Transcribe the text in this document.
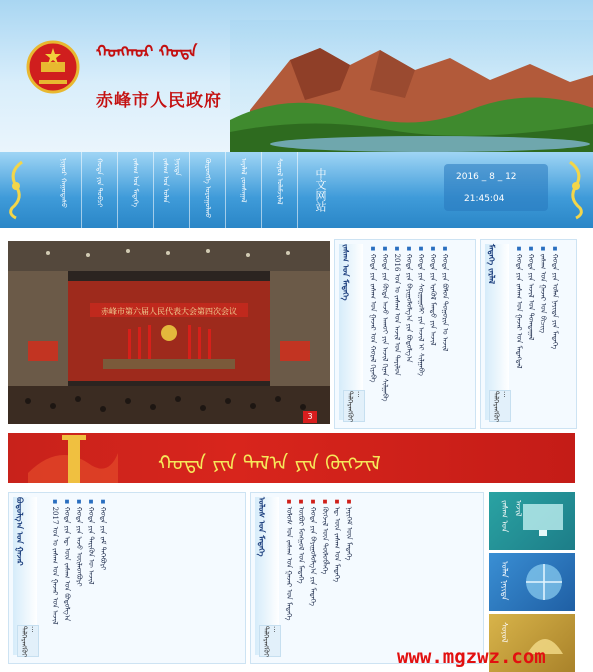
ᠬᠣᠩᠬᠣᠷ ᠬᠣᠲᠠ
赤峰市人民政府
ᠨᠢᠭᠤᠷ ᠬᠠᠭᠤᠳᠠᠰᠤ	ᠬᠣᠲᠠ ᠶᠢᠨ ᠲᠣᠪᠴᠢ	ᠵᠠᠰᠠᠭ ᠤᠨ ᠮᠡᠳᠡᠭᠡ	ᠵᠠᠰᠠᠭ ᠤᠨ ᠣᠯᠠᠨ ᠨᠡᠶᠢᠲᠡ	ᠬᠥᠷᠥᠩᠭᠡ ᠣᠷᠣᠭᠤᠯᠬᠤ	ᠠᠶᠠᠯᠠᠯ ᠵᠣᠭᠰᠠᠭᠠᠯ	ᠰᠣᠶᠣᠯ ᠤᠯᠠᠮᠵᠢᠯᠠᠯ	中文网站	2016 _ 8 _ 12
21:45:04
赤峰市第六届人民代表大会第四次会议
3
ᠵᠠᠰᠠᠭ ᠤᠨ ᠮᠡᠳᠡᠭᠡ	■ ᠬᠣᠲᠠ ᠶᠢᠨ ᠵᠠᠰᠠᠭ ᠤᠨ ᠭᠠᠵᠠᠷ ᠤᠨ ᠬᠤᠷᠠᠯ ᠬᠢᠶᠡᠪᠡ ■ ᠬᠣᠲᠠ ᠶᠢᠨ ᠬᠥᠳᠡ ᠠᠵᠤ ᠠᠬᠤᠢ ᠶᠢᠨ ᠠᠵᠢᠯ ᠬᠢᠨᠠᠨ ᠰᠢᠯᠭᠠᠪᠠ ■ 2016 ᠣᠨ ᠤ ᠵᠠᠰᠠᠭ ᠤᠨ ᠠᠵᠢᠯ ᠤᠨ ᠲᠠᠶᠢᠯᠤᠨ ■ ᠬᠣᠲᠠ ᠶᠢᠨ ᠪᠠᠶᠢᠭᠤᠯᠤᠯᠭ᠎ᠠ ᠶᠢᠨ ᠪᠣᠳᠣᠯᠭ᠎ᠠ ■ ᠬᠣᠲᠠ ᠶᠢᠨ ᠰᠤᠷᠭᠠᠭᠤᠯᠢ ᠶᠢᠨ ᠠᠵᠢᠯ ᠢ ᠰᠢᠯᠭᠠᠪᠠ ■ ᠬᠣᠲᠠ ᠶᠢᠨ ᠡᠷᠡᠬᠦᠯ ᠮᠡᠨᠳᠦ ᠶᠢᠨ ᠠᠵᠢᠯ ■ ᠬᠣᠲᠠ ᠶᠢᠨ ᠪᠣᠯᠤᠨ ᠲᠣᠭᠣᠷᠢᠨ ᠤ ᠠᠵᠢᠯ
ᠳᠡᠯᠭᠡᠷᠡᠩᠭᠦᠢ ...
ᠮᠡᠳᠡᠭᠡ ᠵᠠᠷᠯᠠᠯ	■ ᠬᠣᠲᠠ ᠶᠢᠨ ᠵᠠᠰᠠᠭ ᠤᠨ ᠭᠠᠵᠠᠷ ᠤᠨ ᠮᠡᠳᠡᠭᠳᠡᠯ ■ ᠬᠣᠲᠠ ᠶᠢᠨ ᠠᠵᠢᠯ ᠤᠨ ᠲᠣᠭᠲᠠᠭᠠᠯ ■ ᠵᠠᠰᠠᠭ ᠤᠨ ᠭᠠᠵᠠᠷ ᠤᠨ ᠪᠢᠴᠢᠭ ■ ᠬᠣᠲᠠ ᠶᠢᠨ ᠣᠯᠠᠨ ᠨᠡᠶᠢᠲᠡ ᠶᠢᠨ ᠮᠡᠳᠡᠭᠡ
ᠳᠡᠯᠭᠡᠷᠡᠩᠭᠦᠢ ...
ᠬᠣᠲᠠ ᠶᠢᠨ ᠲᠠᠯ᠎ᠠ ᠶᠢᠨ ᠬᠥᠭᠵᠢᠯ
ᠪᠣᠳᠣᠯᠭ᠎ᠠ ᠤᠨ ᠭᠠᠵᠠᠷ	■ 2017 ᠣᠨ ᠤ ᠵᠠᠰᠠᠭ ᠤᠨ ᠭᠠᠵᠠᠷ ᠤᠨ ᠠᠵᠢᠯ ■ ᠬᠣᠲᠠ ᠶᠢᠨ ᠡᠳ᠋ ᠦᠨ ᠵᠠᠰᠠᠭ ᠤᠨ ᠪᠣᠳᠣᠯᠭ᠎ᠠ ■ ᠬᠣᠲᠠ ᠶᠢᠨ ᠠᠵᠤ ᠦᠢᠯᠡᠳᠪᠦᠷᠢ ■ ᠬᠣᠲᠠ ᠶᠢᠨ ᠲᠡᠷᠢᠭᠦᠨ ᠦ ᠠᠵᠢᠯ ■ ᠬᠣᠲᠠ ᠶᠢᠨ ᠵᠠᠮ ᠲᠡᠭᠡᠪᠦᠷᠢ
ᠳᠡᠯᠭᠡᠷᠡᠩᠭᠦᠢ ...
ᠤᠯᠤᠰ ᠤᠨ ᠮᠡᠳᠡᠭᠡ	■ ᠤᠯᠤᠰ ᠤᠨ ᠵᠠᠰᠠᠭ ᠤᠨ ᠭᠠᠵᠠᠷ ᠤᠨ ᠮᠡᠳᠡᠭᠡ ■ ᠥᠪᠥᠷ ᠮᠣᠩᠭᠣᠯ ᠤᠨ ᠮᠡᠳᠡᠭᠡ ■ ᠬᠣᠲᠠ ᠶᠢᠨ ᠪᠠᠶᠢᠭᠤᠯᠤᠯᠭ᠎ᠠ ᠶᠢᠨ ᠮᠡᠳᠡᠭᠡ ■ ᠬᠥᠭᠵᠢᠯ ᠦᠨ ᠲᠥᠯᠦᠪᠯᠡᠭᠡ ■ ᠡᠳ᠋ ᠦᠨ ᠵᠠᠰᠠᠭ ᠤᠨ ᠮᠡᠳᠡᠭᠡ ■ ᠨᠡᠶᠢᠭᠡᠮ ᠦᠨ ᠮᠡᠳᠡᠭᠡ
ᠳᠡᠯᠭᠡᠷᠡᠩᠭᠦᠢ ...
ᠵᠠᠰᠠᠭ ᠤᠨ ᠠᠵᠢᠯ
ᠣᠯᠠᠨ ᠨᠡᠶᠢᠲᠡ
ᠰᠣᠶᠣᠯ
www.mgzwz.com
